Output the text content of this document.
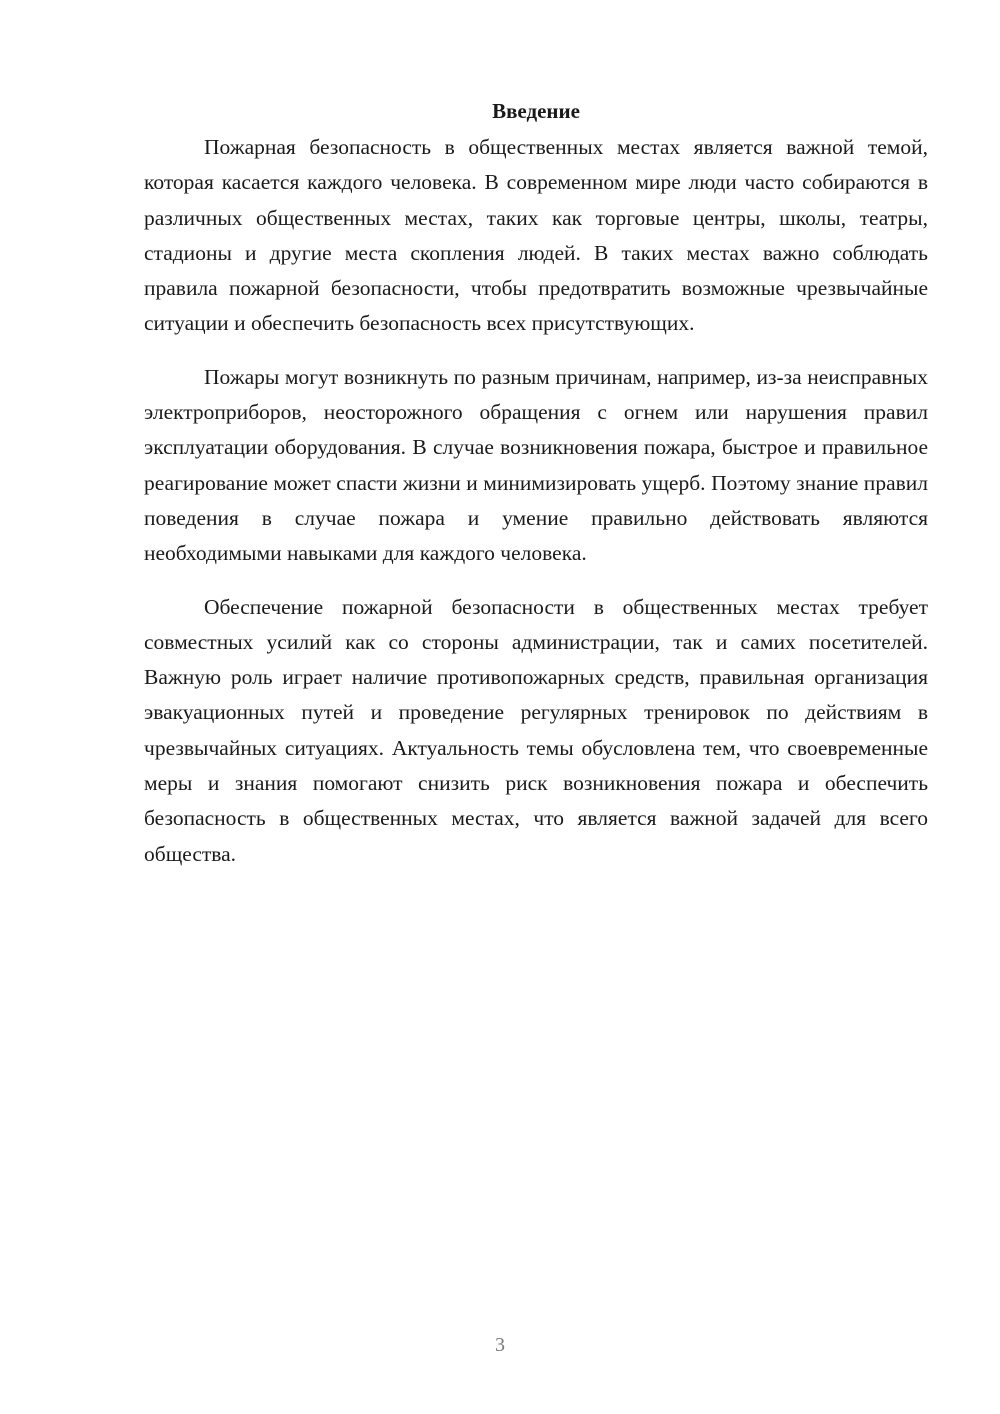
Введение

Пожарная безопасность в общественных местах является важной темой, которая касается каждого человека. В современном мире люди часто собираются в различных общественных местах, таких как торговые центры, школы, театры, стадионы и другие места скопления людей. В таких местах важно соблюдать правила пожарной безопасности, чтобы предотвратить возможные чрезвычайные ситуации и обеспечить безопасность всех присутствующих.

Пожары могут возникнуть по разным причинам, например, из-за неисправных электроприборов, неосторожного обращения с огнем или нарушения правил эксплуатации оборудования. В случае возникновения пожара, быстрое и правильное реагирование может спасти жизни и минимизировать ущерб. Поэтому знание правил поведения в случае пожара и умение правильно действовать являются необходимыми навыками для каждого человека.

Обеспечение пожарной безопасности в общественных местах требует совместных усилий как со стороны администрации, так и самих посетителей. Важную роль играет наличие противопожарных средств, правильная организация эвакуационных путей и проведение регулярных тренировок по действиям в чрезвычайных ситуациях. Актуальность темы обусловлена тем, что своевременные меры и знания помогают снизить риск возникновения пожара и обеспечить безопасность в общественных местах, что является важной задачей для всего общества.

3
